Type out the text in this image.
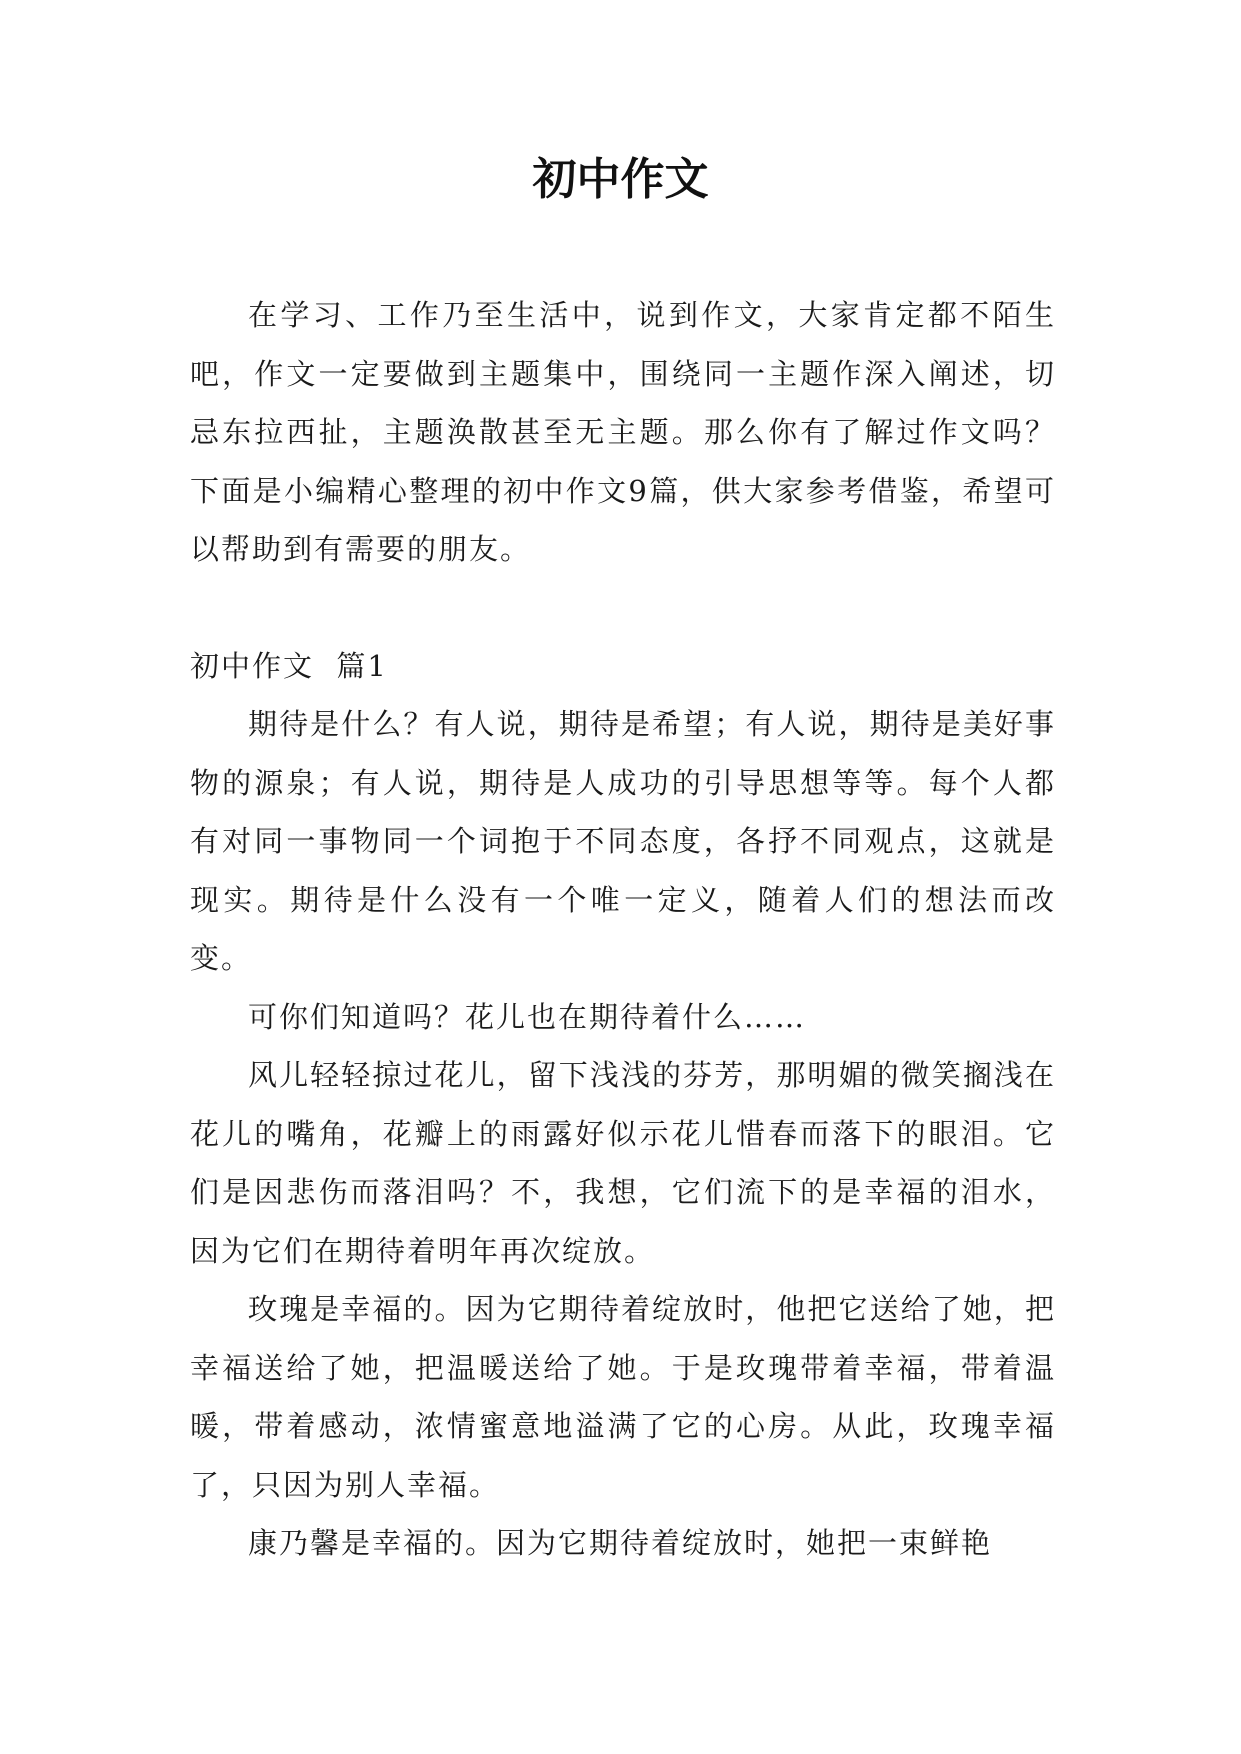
初中作文

在学习、工作乃至生活中，说到作文，大家肯定都不陌生吧，作文一定要做到主题集中，围绕同一主题作深入阐述，切忌东拉西扯，主题涣散甚至无主题。那么你有了解过作文吗？下面是小编精心整理的初中作文9篇，供大家参考借鉴，希望可以帮助到有需要的朋友。

初中作文  篇1

期待是什么？有人说，期待是希望；有人说，期待是美好事物的源泉；有人说，期待是人成功的引导思想等等。每个人都有对同一事物同一个词抱于不同态度，各抒不同观点，这就是现实。期待是什么没有一个唯一定义，随着人们的想法而改变。

可你们知道吗？花儿也在期待着什么……

风儿轻轻掠过花儿，留下浅浅的芬芳，那明媚的微笑搁浅在花儿的嘴角，花瓣上的雨露好似示花儿惜春而落下的眼泪。它们是因悲伤而落泪吗？不，我想，它们流下的是幸福的泪水，因为它们在期待着明年再次绽放。

玫瑰是幸福的。因为它期待着绽放时，他把它送给了她，把幸福送给了她，把温暖送给了她。于是玫瑰带着幸福，带着温暖，带着感动，浓情蜜意地溢满了它的心房。从此，玫瑰幸福了，只因为别人幸福。

康乃馨是幸福的。因为它期待着绽放时，她把一束鲜艳
